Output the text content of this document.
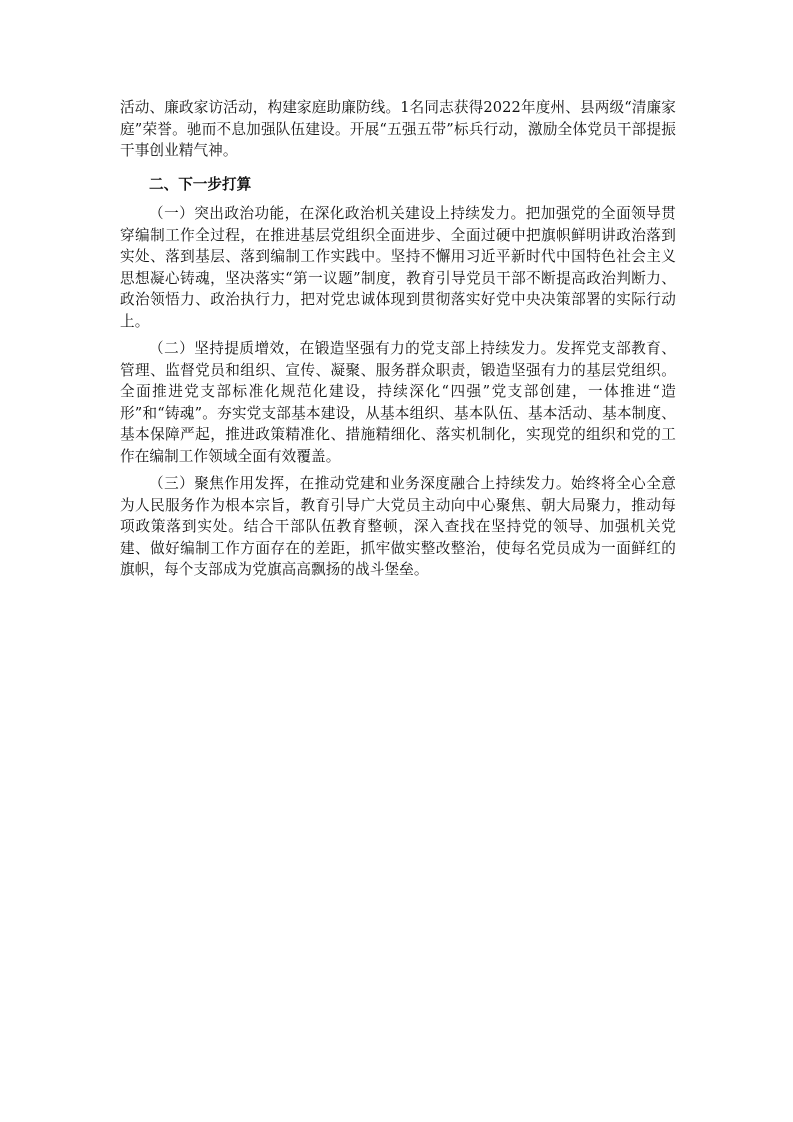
活动、廉政家访活动，构建家庭助廉防线。1名同志获得2022年度州、县两级“清廉家庭”荣誉。驰而不息加强队伍建设。开展“五强五带”标兵行动，激励全体党员干部提振干事创业精气神。

二、下一步打算

（一）突出政治功能，在深化政治机关建设上持续发力。把加强党的全面领导贯穿编制工作全过程，在推进基层党组织全面进步、全面过硬中把旗帜鲜明讲政治落到实处、落到基层、落到编制工作实践中。坚持不懈用习近平新时代中国特色社会主义思想凝心铸魂，坚决落实“第一议题”制度，教育引导党员干部不断提高政治判断力、政治领悟力、政治执行力，把对党忠诚体现到贯彻落实好党中央决策部署的实际行动上。

（二）坚持提质增效，在锻造坚强有力的党支部上持续发力。发挥党支部教育、管理、监督党员和组织、宣传、凝聚、服务群众职责，锻造坚强有力的基层党组织。全面推进党支部标准化规范化建设，持续深化“四强”党支部创建，一体推进“造形”和“铸魂”。夯实党支部基本建设，从基本组织、基本队伍、基本活动、基本制度、基本保障严起，推进政策精准化、措施精细化、落实机制化，实现党的组织和党的工作在编制工作领域全面有效覆盖。

（三）聚焦作用发挥，在推动党建和业务深度融合上持续发力。始终将全心全意为人民服务作为根本宗旨，教育引导广大党员主动向中心聚焦、朝大局聚力，推动每项政策落到实处。结合干部队伍教育整顿，深入查找在坚持党的领导、加强机关党建、做好编制工作方面存在的差距，抓牢做实整改整治，使每名党员成为一面鲜红的旗帜，每个支部成为党旗高高飘扬的战斗堡垒。
